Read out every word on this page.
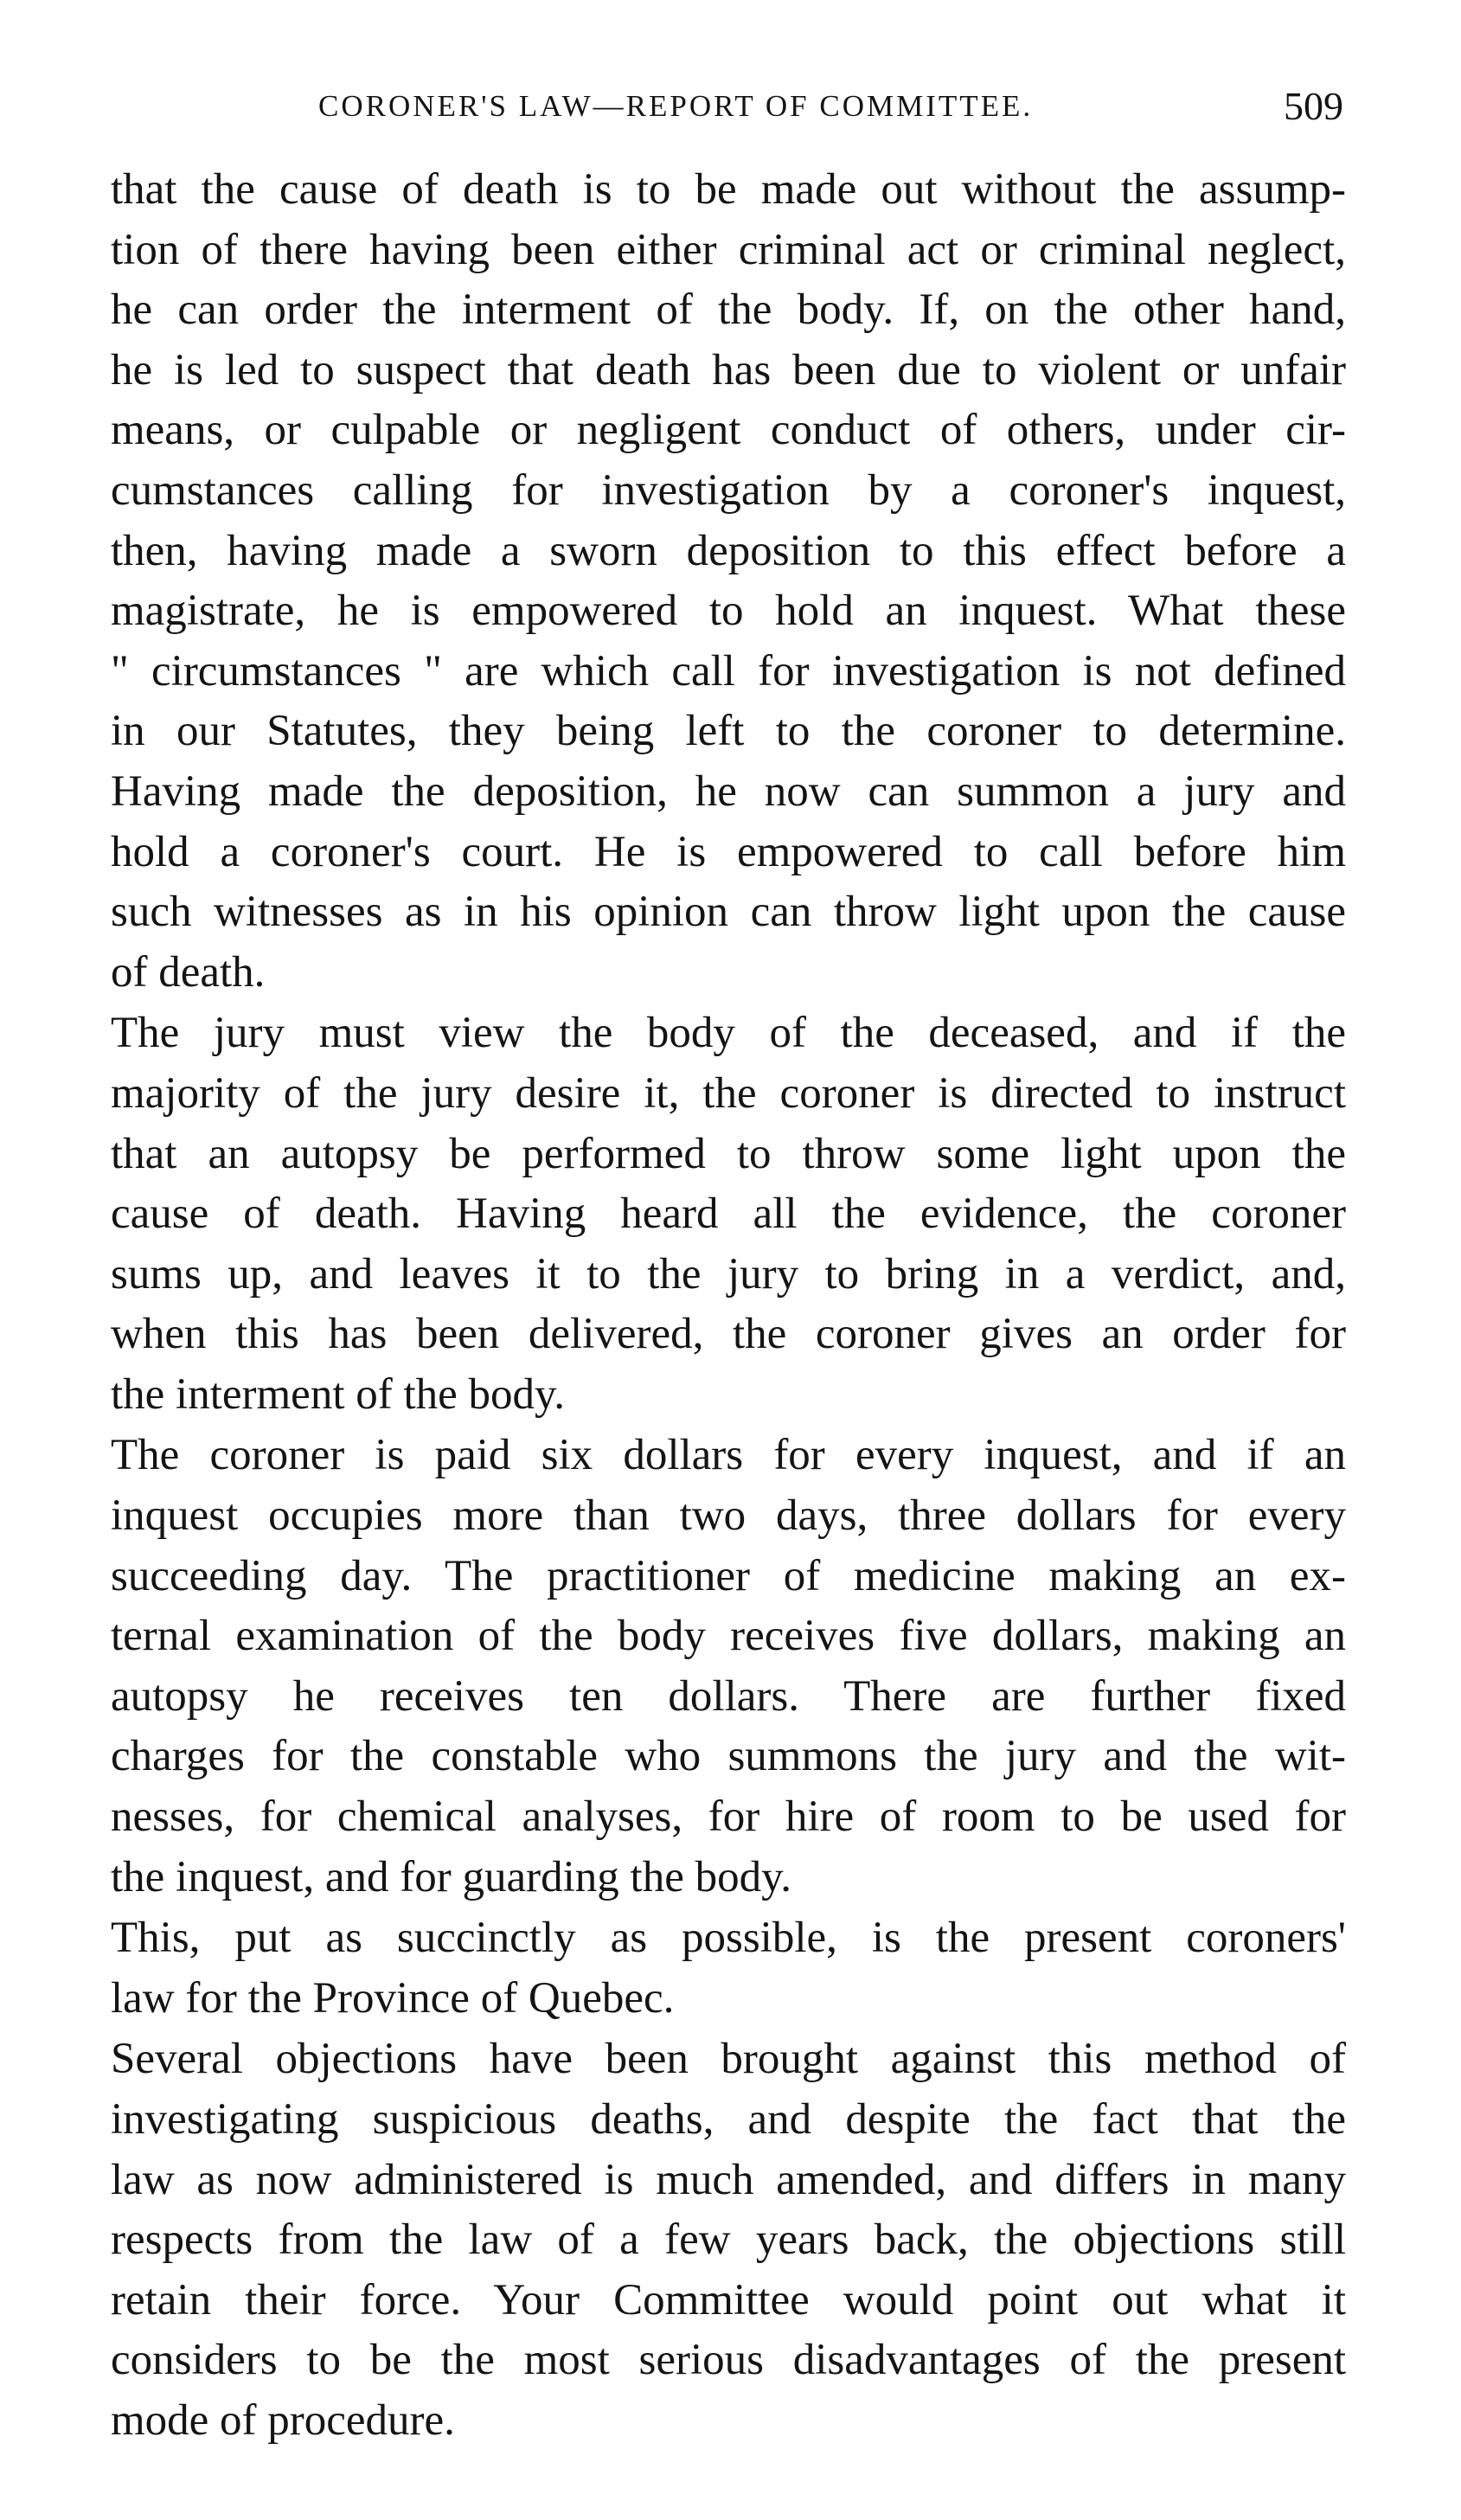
CORONER'S LAW—REPORT OF COMMITTEE.	509
that the cause of death is to be made out without the assump-
tion of there having been either criminal act or criminal neglect,
he can order the interment of the body. If, on the other hand,
he is led to suspect that death has been due to violent or unfair
means, or culpable or negligent conduct of others, under cir-
cumstances calling for investigation by a coroner's inquest,
then, having made a sworn deposition to this effect before a
magistrate, he is empowered to hold an inquest. What these
" circumstances " are which call for investigation is not defined
in our Statutes, they being left to the coroner to determine.
Having made the deposition, he now can summon a jury and
hold a coroner's court. He is empowered to call before him
such witnesses as in his opinion can throw light upon the cause
of death.
The jury must view the body of the deceased, and if the
majority of the jury desire it, the coroner is directed to instruct
that an autopsy be performed to throw some light upon the
cause of death. Having heard all the evidence, the coroner
sums up, and leaves it to the jury to bring in a verdict, and,
when this has been delivered, the coroner gives an order for
the interment of the body.
The coroner is paid six dollars for every inquest, and if an
inquest occupies more than two days, three dollars for every
succeeding day. The practitioner of medicine making an ex-
ternal examination of the body receives five dollars, making an
autopsy he receives ten dollars. There are further fixed
charges for the constable who summons the jury and the wit-
nesses, for chemical analyses, for hire of room to be used for
the inquest, and for guarding the body.
This, put as succinctly as possible, is the present coroners'
law for the Province of Quebec.
Several objections have been brought against this method of
investigating suspicious deaths, and despite the fact that the
law as now administered is much amended, and differs in many
respects from the law of a few years back, the objections still
retain their force. Your Committee would point out what it
considers to be the most serious disadvantages of the present
mode of procedure.
